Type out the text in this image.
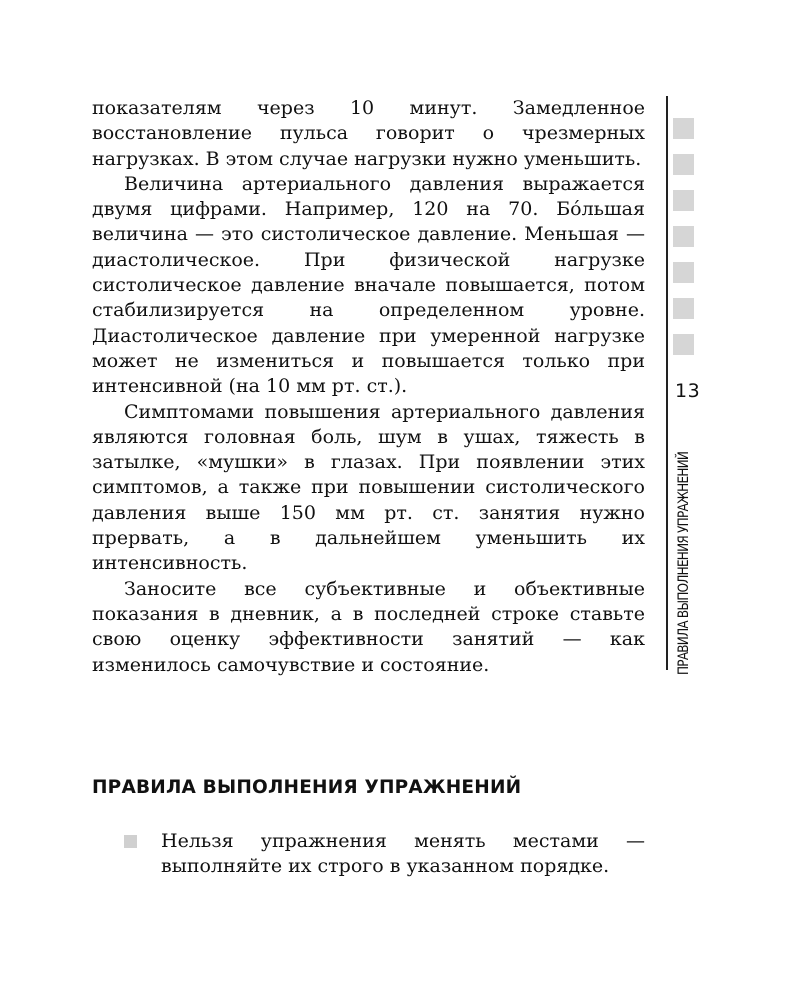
показателям через 10 минут. Замедленное восстановление пульса говорит о чрезмерных нагрузках. В этом случае нагрузки нужно уменьшить.

Величина артериального давления выражается двумя цифрами. Например, 120 на 70. Бóльшая величина — это систолическое давление. Меньшая — диастолическое. При физической нагрузке систолическое давление вначале повышается, потом стабилизируется на определенном уровне. Диастолическое давление при умеренной нагрузке может не измениться и повышается только при интенсивной (на 10 мм рт. ст.).

Симптомами повышения артериального давления являются головная боль, шум в ушах, тяжесть в затылке, «мушки» в глазах. При появлении этих симптомов, а также при повышении систолического давления выше 150 мм рт. ст. занятия нужно прервать, а в дальнейшем уменьшить их интенсивность.

Заносите все субъективные и объективные показания в дневник, а в последней строке ставьте свою оценку эффективности занятий — как изменилось самочувствие и состояние.

ПРАВИЛА ВЫПОЛНЕНИЯ УПРАЖНЕНИЙ
Нельзя упражнения менять местами — выполняйте их строго в указанном порядке.
13
ПРАВИЛА ВЫПОЛНЕНИЯ УПРАЖНЕНИЙ
